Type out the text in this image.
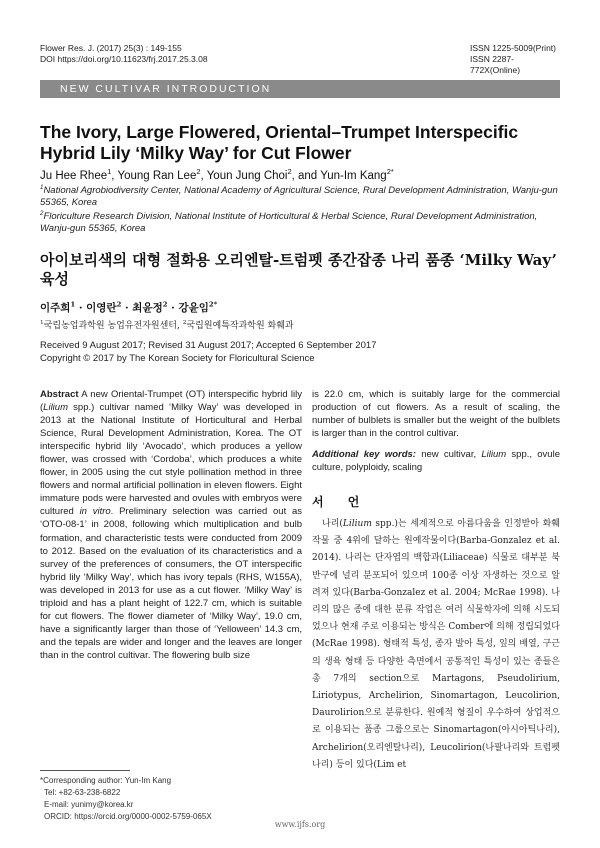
Flower Res. J. (2017) 25(3) : 149-155
DOI https://doi.org/10.11623/frj.2017.25.3.08
ISSN 1225-5009(Print)
ISSN 2287-772X(Online)
NEW CULTIVAR INTRODUCTION
The Ivory, Large Flowered, Oriental–Trumpet Interspecific Hybrid Lily ‘Milky Way’ for Cut Flower
Ju Hee Rhee$^1$, Young Ran Lee$^2$, Youn Jung Choi$^2$, and Yun-Im Kang$^{2*}$
$^1$National Agrobiodiversity Center, National Academy of Agricultural Science, Rural Development Administration, Wanju-gun 55365, Korea
$^2$Floriculture Research Division, National Institute of Horticultural & Herbal Science, Rural Development Administration, Wanju-gun 55365, Korea
아이보리색의 대형 절화용 오리엔탈-트럼펫 종간잡종 나리 품종 ‘Milky Way’ 육성
이주희$^1$ · 이영란$^2$ · 최윤정$^2$ · 강윤임$^{2*}$
$^1$국립농업과학원 농업유전자원센터, $^2$국립원예특작과학원 화훼과
Received 9 August 2017; Revised 31 August 2017; Accepted 6 September 2017
Copyright © 2017 by The Korean Society for Floricultural Science
Abstract A new Oriental-Trumpet (OT) interspecific hybrid lily (Lilium spp.) cultivar named ‘Milky Way’ was developed in 2013 at the National Institute of Horticultural and Herbal Science, Rural Development Administration, Korea. The OT interspecific hybrid lily ‘Avocado’, which produces a yellow flower, was crossed with ‘Cordoba’, which produces a white flower, in 2005 using the cut style pollination method in three flowers and normal artificial pollination in eleven flowers. Eight immature pods were harvested and ovules with embryos were cultured in vitro. Preliminary selection was carried out as ‘OTO-08-1’ in 2008, following which multiplication and bulb formation, and characteristic tests were conducted from 2009 to 2012. Based on the evaluation of its characteristics and a survey of the preferences of consumers, the OT interspecific hybrid lily ‘Milky Way’, which has ivory tepals (RHS, W155A), was developed in 2013 for use as a cut flower. ‘Milky Way’ is triploid and has a plant height of 122.7 cm, which is suitable for cut flowers. The flower diameter of ‘Milky Way’, 19.0 cm, have a significantly larger than those of ‘Yelloween’ 14.3 cm, and the tepals are wider and longer and the leaves are longer than in the control cultivar. The flowering bulb size
is 22.0 cm, which is suitably large for the commercial production of cut flowers. As a result of scaling, the number of bulblets is smaller but the weight of the bulblets is larger than in the control cultivar.
Additional key words: new cultivar, Lilium spp., ovule culture, polyploidy, scaling
서 언
나리(Lilium spp.)는 세계적으로 아름다움을 인정받아 화훼작물 중 4위에 달하는 원예작물이다(Barba-Gonzalez et al. 2014). 나리는 단자엽의 백합과(Liliaceae) 식물로 대부분 북반구에 널리 분포되어 있으며 100종 이상 자생하는 것으로 알려져 있다(Barba-Gonzalez et al. 2004; McRae 1998). 나리의 많은 종에 대한 분류 작업은 여러 식물학자에 의해 시도되었으나 현재 주로 이용되는 방식은 Comber에 의해 정립되었다(McRae 1998). 형태적 특성, 종자 발아 특성, 잎의 배열, 구근의 생육 형태 등 다양한 측면에서 공통적인 특성이 있는 종들은 총 7개의 section으로 Martagons, Pseudolirium, Liriotypus, Archelirion, Sinomartagon, Leucolirion, Daurolirion으로 분류한다. 원예적 형질이 우수하여 상업적으로 이용되는 품종 그룹으로는 Sinomartagon(아시아틱나리), Archelirion(오리엔탈나리), Leucolirion(나팔나리와 트럼펫나리) 등이 있다(Lim et
*Corresponding author: Yun-Im Kang
Tel: +82-63-238-6822
E-mail: yunimy@korea.kr
ORCID: https://orcid.org/0000-0002-5759-065X
www.ijfs.org
